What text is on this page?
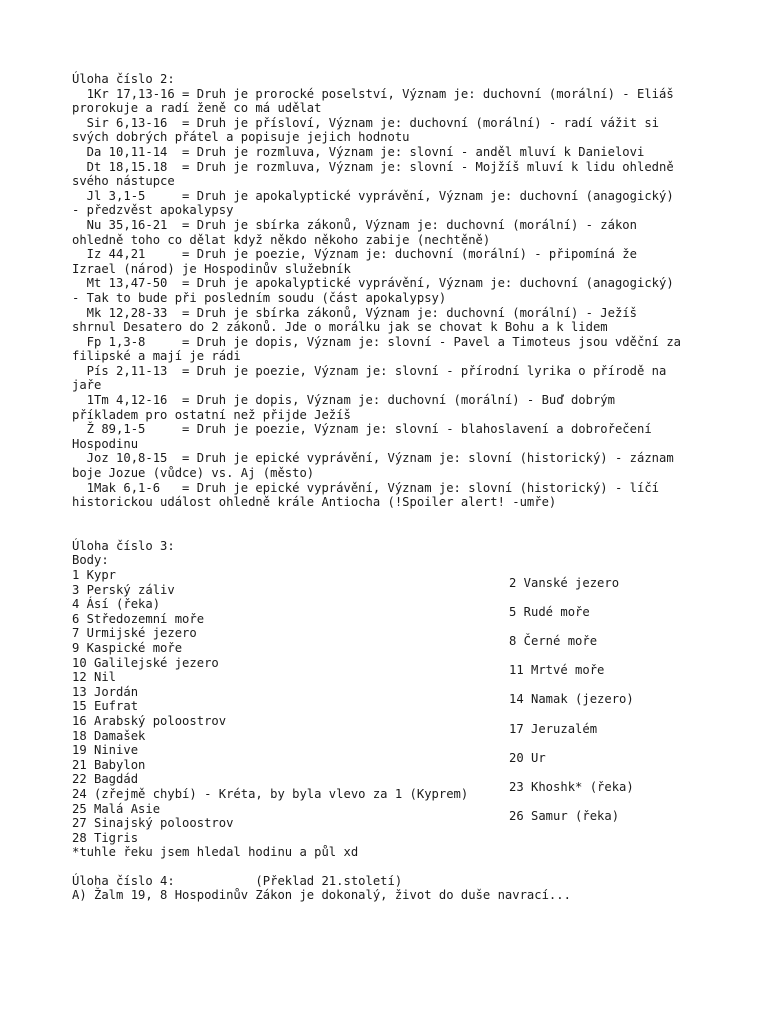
Úloha číslo 2:
1Kr 17,13-16 = Druh je prorocké poselství, Význam je: duchovní (morální) - Eliáš
prorokuje a radí ženě co má udělat
Sir 6,13-16  = Druh je přísloví, Význam je: duchovní (morální) - radí vážit si
svých dobrých přátel a popisuje jejich hodnotu
Da 10,11-14  = Druh je rozmluva, Význam je: slovní - anděl mluví k Danielovi
Dt 18,15.18  = Druh je rozmluva, Význam je: slovní - Mojžíš mluví k lidu ohledně
svého nástupce
Jl 3,1-5     = Druh je apokalyptické vyprávění, Význam je: duchovní (anagogický)
- předzvěst apokalypsy
Nu 35,16-21  = Druh je sbírka zákonů, Význam je: duchovní (morální) - zákon
ohledně toho co dělat když někdo někoho zabije (nechtěně)
Iz 44,21     = Druh je poezie, Význam je: duchovní (morální) - připomíná že
Izrael (národ) je Hospodinův služebník
Mt 13,47-50  = Druh je apokalyptické vyprávění, Význam je: duchovní (anagogický)
- Tak to bude při posledním soudu (část apokalypsy)
Mk 12,28-33  = Druh je sbírka zákonů, Význam je: duchovní (morální) - Ježíš
shrnul Desatero do 2 zákonů. Jde o morálku jak se chovat k Bohu a k lidem
Fp 1,3-8     = Druh je dopis, Význam je: slovní - Pavel a Timoteus jsou vděční za
filipské a mají je rádi
Pís 2,11-13  = Druh je poezie, Význam je: slovní - přírodní lyrika o přírodě na
jaře
1Tm 4,12-16  = Druh je dopis, Význam je: duchovní (morální) - Buď dobrým
příkladem pro ostatní než přijde Ježíš
Ž 89,1-5     = Druh je poezie, Význam je: slovní - blahoslavení a dobrořečení
Hospodinu
Joz 10,8-15  = Druh je epické vyprávění, Význam je: slovní (historický) - záznam
boje Jozue (vůdce) vs. Aj (město)
1Mak 6,1-6   = Druh je epické vyprávění, Význam je: slovní (historický) - líčí
historickou událost ohledně krále Antiocha (!Spoiler alert! -umře)
Úloha číslo 3:
Body:
1 Kypr
3 Perský záliv	2 Vanské jezero
4 Ásí (řeka)
6 Středozemní moře	5 Rudé moře
7 Urmijské jezero
9 Kaspické moře	8 Černé moře
10 Galilejské jezero
12 Nil	11 Mrtvé moře
13 Jordán
15 Eufrat	14 Namak (jezero)
16 Arabský poloostrov
18 Damašek	17 Jeruzalém
19 Ninive
21 Babylon	20 Ur
22 Bagdád
24 (zřejmě chybí) - Kréta, by byla vlevo za 1 (Kyprem)	23 Khoshk* (řeka)
25 Malá Asie
27 Sinajský poloostrov	26 Samur (řeka)
28 Tigris
*tuhle řeku jsem hledal hodinu a půl xd
Úloha číslo 4:           (Překlad 21.století)
A) Žalm 19, 8 Hospodinův Zákon je dokonalý, život do duše navrací...
